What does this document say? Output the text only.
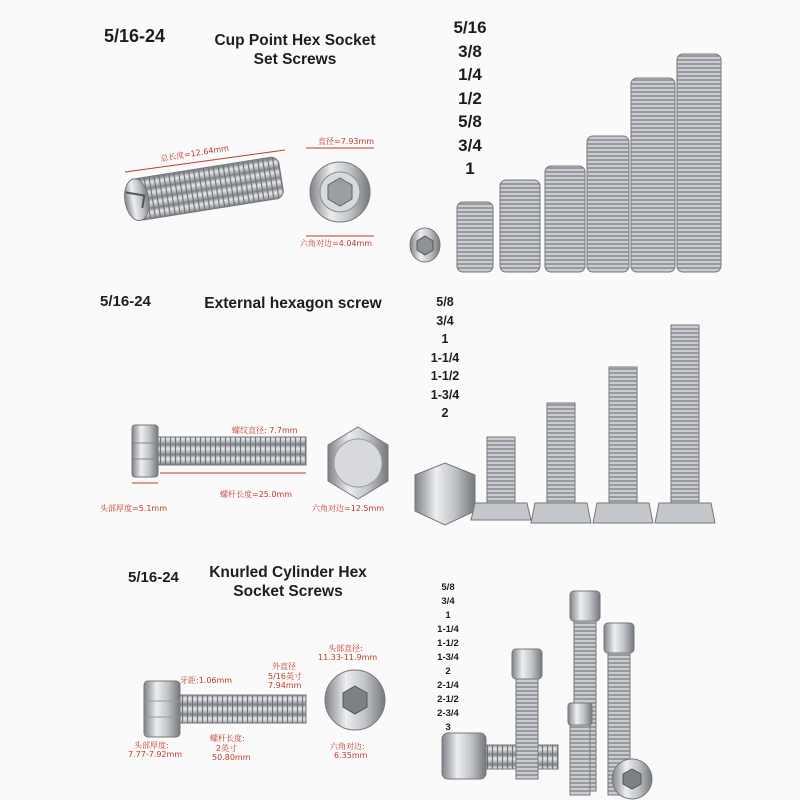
5/16-24	Cup Point Hex Socket
Set Screws
总长度=12.64mm
直径=7.93mm
六角对边=4.04mm
5/16
3/8
1/4
1/2
5/8
3/4
1
5/16-24	External hexagon screw
螺纹直径: 7.7mm
头部厚度=5.1mm
螺杆长度=25.0mm
六角对边=12.5mm
5/8
3/4
1
1-1/4
1-1/2
1-3/4
2
5/16-24	Knurled Cylinder Hex
Socket Screws
牙距:1.06mm
外直径
5/16英寸
7.94mm
头部厚度:
7.77-7.92mm
螺杆长度:
2英寸
50.80mm
头部直径:
11.33-11.9mm
六角对边:
6.35mm
5/8
3/4
1
1-1/4
1-1/2
1-3/4
2
2-1/4
2-1/2
2-3/4
3
